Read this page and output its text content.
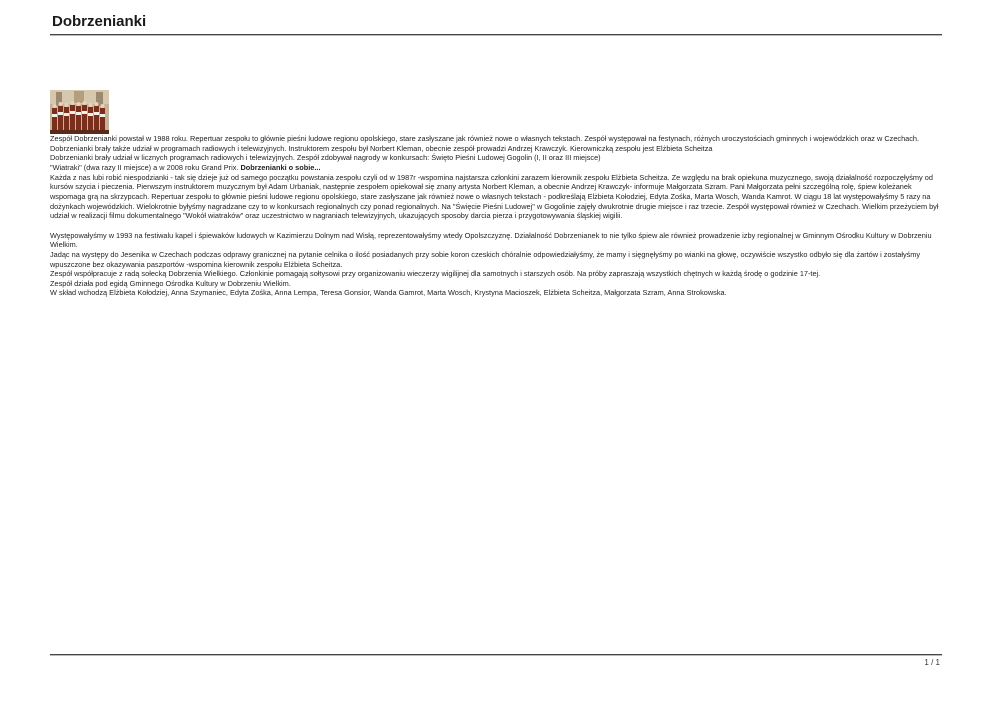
Dobrzenianki

Zespół Dobrzenianki powstał w 1988 roku. Repertuar zespołu to głównie pieśni ludowe regionu opolskiego, stare zasłyszane jak również nowe o własnych tekstach. Zespół występował na festynach, różnych uroczystościach gminnych i wojewódzkich oraz w Czechach. Dobrzenianki brały także udział w programach radiowych i telewizyjnych. Instruktorem zespołu był Norbert Kleman, obecnie zespół prowadzi Andrzej Krawczyk. Kierowniczką zespołu jest Elżbieta Scheitza

Dobrzenianki brały udział w licznych programach radiowych i telewizyjnych. Zespół zdobywał nagrody w konkursach: Święto Pieśni Ludowej Gogolin (I, II oraz III miejsce)

"Wiatraki" (dwa razy II miejsce) a w 2008 roku Grand Prix. Dobrzenianki o sobie...

Każda z nas lubi robić niespodzianki - tak się dzieje już od samego początku powstania zespołu czyli od w 1987r -wspomina najstarsza członkini zarazem kierownik zespołu Elżbieta Scheitza. Ze względu na brak opiekuna muzycznego, swoją działalność rozpoczęłyśmy od kursów szycia i pieczenia. Pierwszym instruktorem muzycznym był Adam Urbaniak, następnie zespołem opiekował się znany artysta Norbert Kleman, a obecnie Andrzej Krawczyk- informuje Małgorzata Szram. Pani Małgorzata pełni szczególną rolę, śpiew koleżanek wspomaga grą na skrzypcach. Repertuar zespołu to głównie pieśni ludowe regionu opolskiego, stare zasłyszane jak również nowe o własnych tekstach - podkreślają Elżbieta Kołodziej, Edyta Zośka, Marta Wosch, Wanda Kamrot. W ciągu 18 lat występowałyśmy 5 razy na dożynkach wojewódzkich. Wielokrotnie byłyśmy nagradzane czy to w konkursach regionalnych czy ponad regionalnych. Na "Święcie Pieśni Ludowej" w Gogolinie zajęły dwukrotnie drugie miejsce i raz trzecie. Zespół występował również w Czechach. Wielkim przeżyciem był udział w realizacji filmu dokumentalnego "Wokół wiatraków" oraz uczestnictwo w nagraniach telewizyjnych, ukazujących sposoby darcia pierza i przygotowywania śląskiej wigilii.

Występowałyśmy w 1993 na festiwalu kapel i śpiewaków ludowych w Kazimierzu Dolnym nad Wisłą, reprezentowałyśmy wtedy Opolszczyznę. Działalność Dobrzenianek to nie tylko śpiew ale również prowadzenie izby regionalnej w Gminnym Ośrodku Kultury w Dobrzeniu Wielkim.

Jadąc na występy do Jesenika w Czechach podczas odprawy granicznej na pytanie celnika o ilość posiadanych przy sobie koron czeskich chóralnie odpowiedziałyśmy, że mamy i sięgnęłyśmy po wianki na głowę, oczywiście wszystko odbyło się dla żartów i zostałyśmy wpuszczone bez okazywania paszportów -wspomina kierownik zespołu Elżbieta Scheitza.

Zespół współpracuje z radą sołecką Dobrzenia Wielkiego. Członkinie pomagają sołtysowi przy organizowaniu wieczerzy wigilijnej dla samotnych i starszych osób. Na próby zapraszają wszystkich chętnych w każdą środę o godzinie 17-tej.

Zespół działa pod egidą Gminnego Ośrodka Kultury w Dobrzeniu Wielkim.

W skład wchodzą Elżbieta Kołodziej, Anna Szymaniec, Edyta Zośka, Anna Lempa, Teresa Gonsior, Wanda Gamrot, Marta Wosch, Krystyna Macioszek, Elżbieta Scheitza, Małgorzata Szram, Anna Strokowska.

1 / 1
